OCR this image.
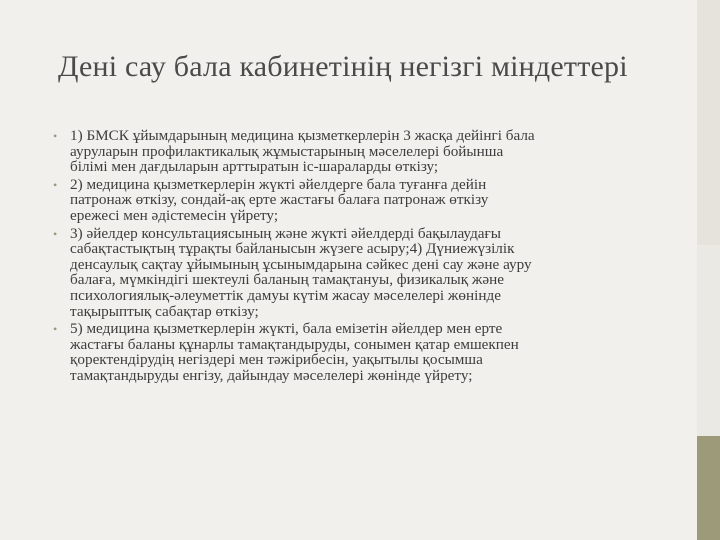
Дені сау бала кабинетінің негізгі міндеттері
• 1) БМСК ұйымдарының медицина қызметкерлерін 3 жасқа дейінгі бала
ауруларын профилактикалық жұмыстарының мәселелері бойынша
білімі мен дағдыларын арттыратын іс-шараларды өткізу;
• 2) медицина қызметкерлерін жүкті әйелдерге бала туғанға дейін
патронаж өткізу, сондай-ақ ерте жастағы балаға патронаж өткізу
ережесі мен әдістемесін үйрету;
• 3) әйелдер консультациясының және жүкті әйелдерді бақылаудағы
сабақтастықтың тұрақты байланысын жүзеге асыру;4) Дүниежүзілік
денсаулық сақтау ұйымының ұсынымдарына сәйкес дені сау және ауру
балаға, мүмкіндігі шектеулі баланың тамақтануы, физикалық және
психологиялық-әлеуметтік дамуы күтім жасау мәселелері жөнінде
тақырыптық сабақтар өткізу;
• 5) медицина қызметкерлерін жүкті, бала емізетін әйелдер мен ерте
жастағы баланы құнарлы тамақтандыруды, сонымен қатар емшекпен
қоректендірудің негіздері мен тәжірибесін, уақытылы қосымша
тамақтандыруды енгізу, дайындау мәселелері жөнінде үйрету;
